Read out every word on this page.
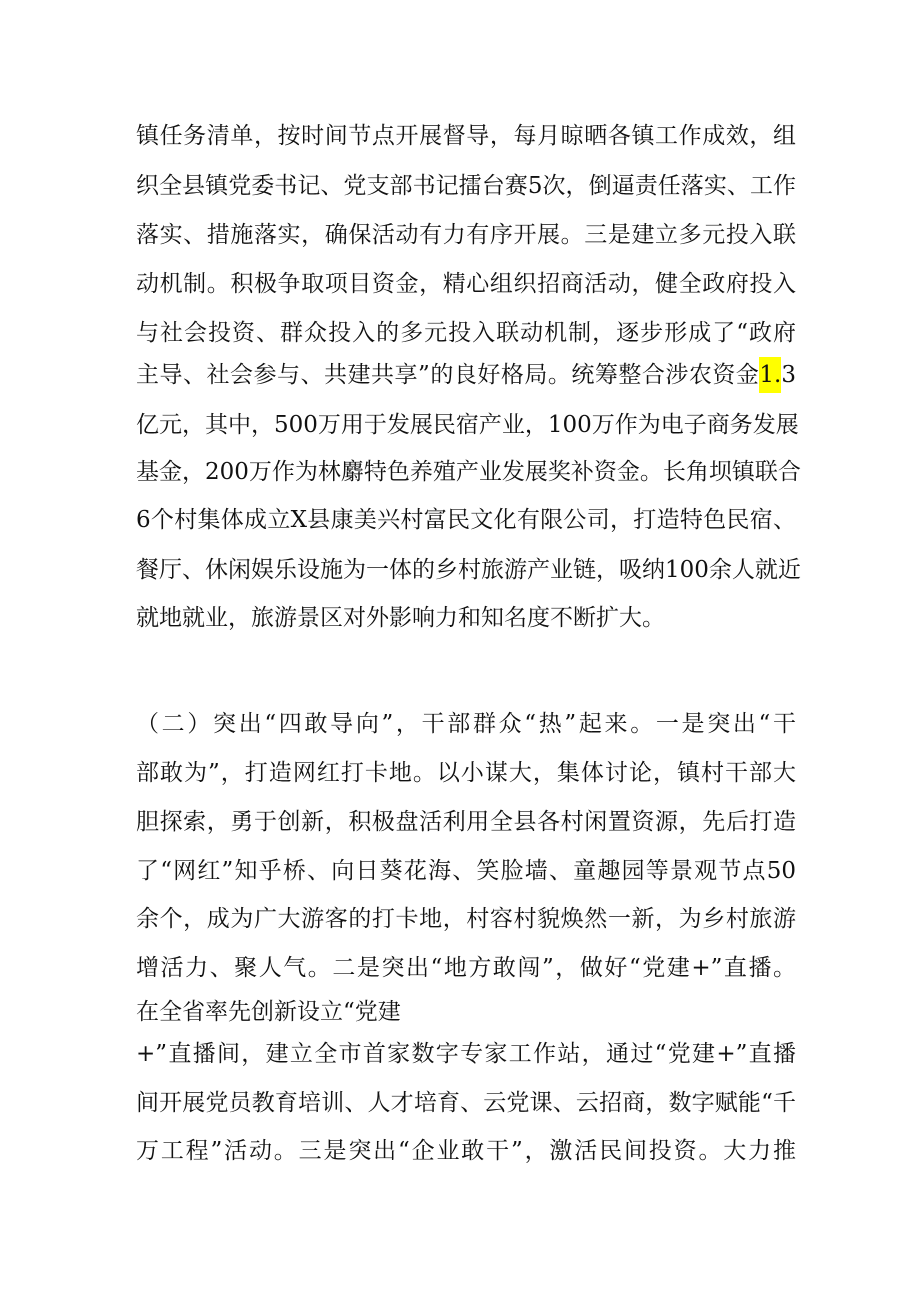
镇任务清单，按时间节点开展督导，每月晾晒各镇工作成效，组
织全县镇党委书记、党支部书记擂台赛5次，倒逼责任落实、工作
落实、措施落实，确保活动有力有序开展。三是建立多元投入联
动机制。积极争取项目资金，精心组织招商活动，健全政府投入
与社会投资、群众投入的多元投入联动机制，逐步形成了“政府
主导、社会参与、共建共享”的良好格局。统筹整合涉农资金1.3
亿元，其中，500万用于发展民宿产业，100万作为电子商务发展
基金，200万作为林麝特色养殖产业发展奖补资金。长角坝镇联合
6个村集体成立X县康美兴村富民文化有限公司，打造特色民宿、
餐厅、休闲娱乐设施为一体的乡村旅游产业链，吸纳100余人就近
就地就业，旅游景区对外影响力和知名度不断扩大。
（二）突出“四敢导向”，干部群众“热”起来。一是突出“干
部敢为”，打造网红打卡地。以小谋大，集体讨论，镇村干部大
胆探索，勇于创新，积极盘活利用全县各村闲置资源，先后打造
了“网红”知乎桥、向日葵花海、笑脸墙、童趣园等景观节点50
余个，成为广大游客的打卡地，村容村貌焕然一新，为乡村旅游
增活力、聚人气。二是突出“地方敢闯”，做好“党建+”直播。
在全省率先创新设立“党建
+”直播间，建立全市首家数字专家工作站，通过“党建+”直播
间开展党员教育培训、人才培育、云党课、云招商，数字赋能“千
万工程”活动。三是突出“企业敢干”，激活民间投资。大力推
